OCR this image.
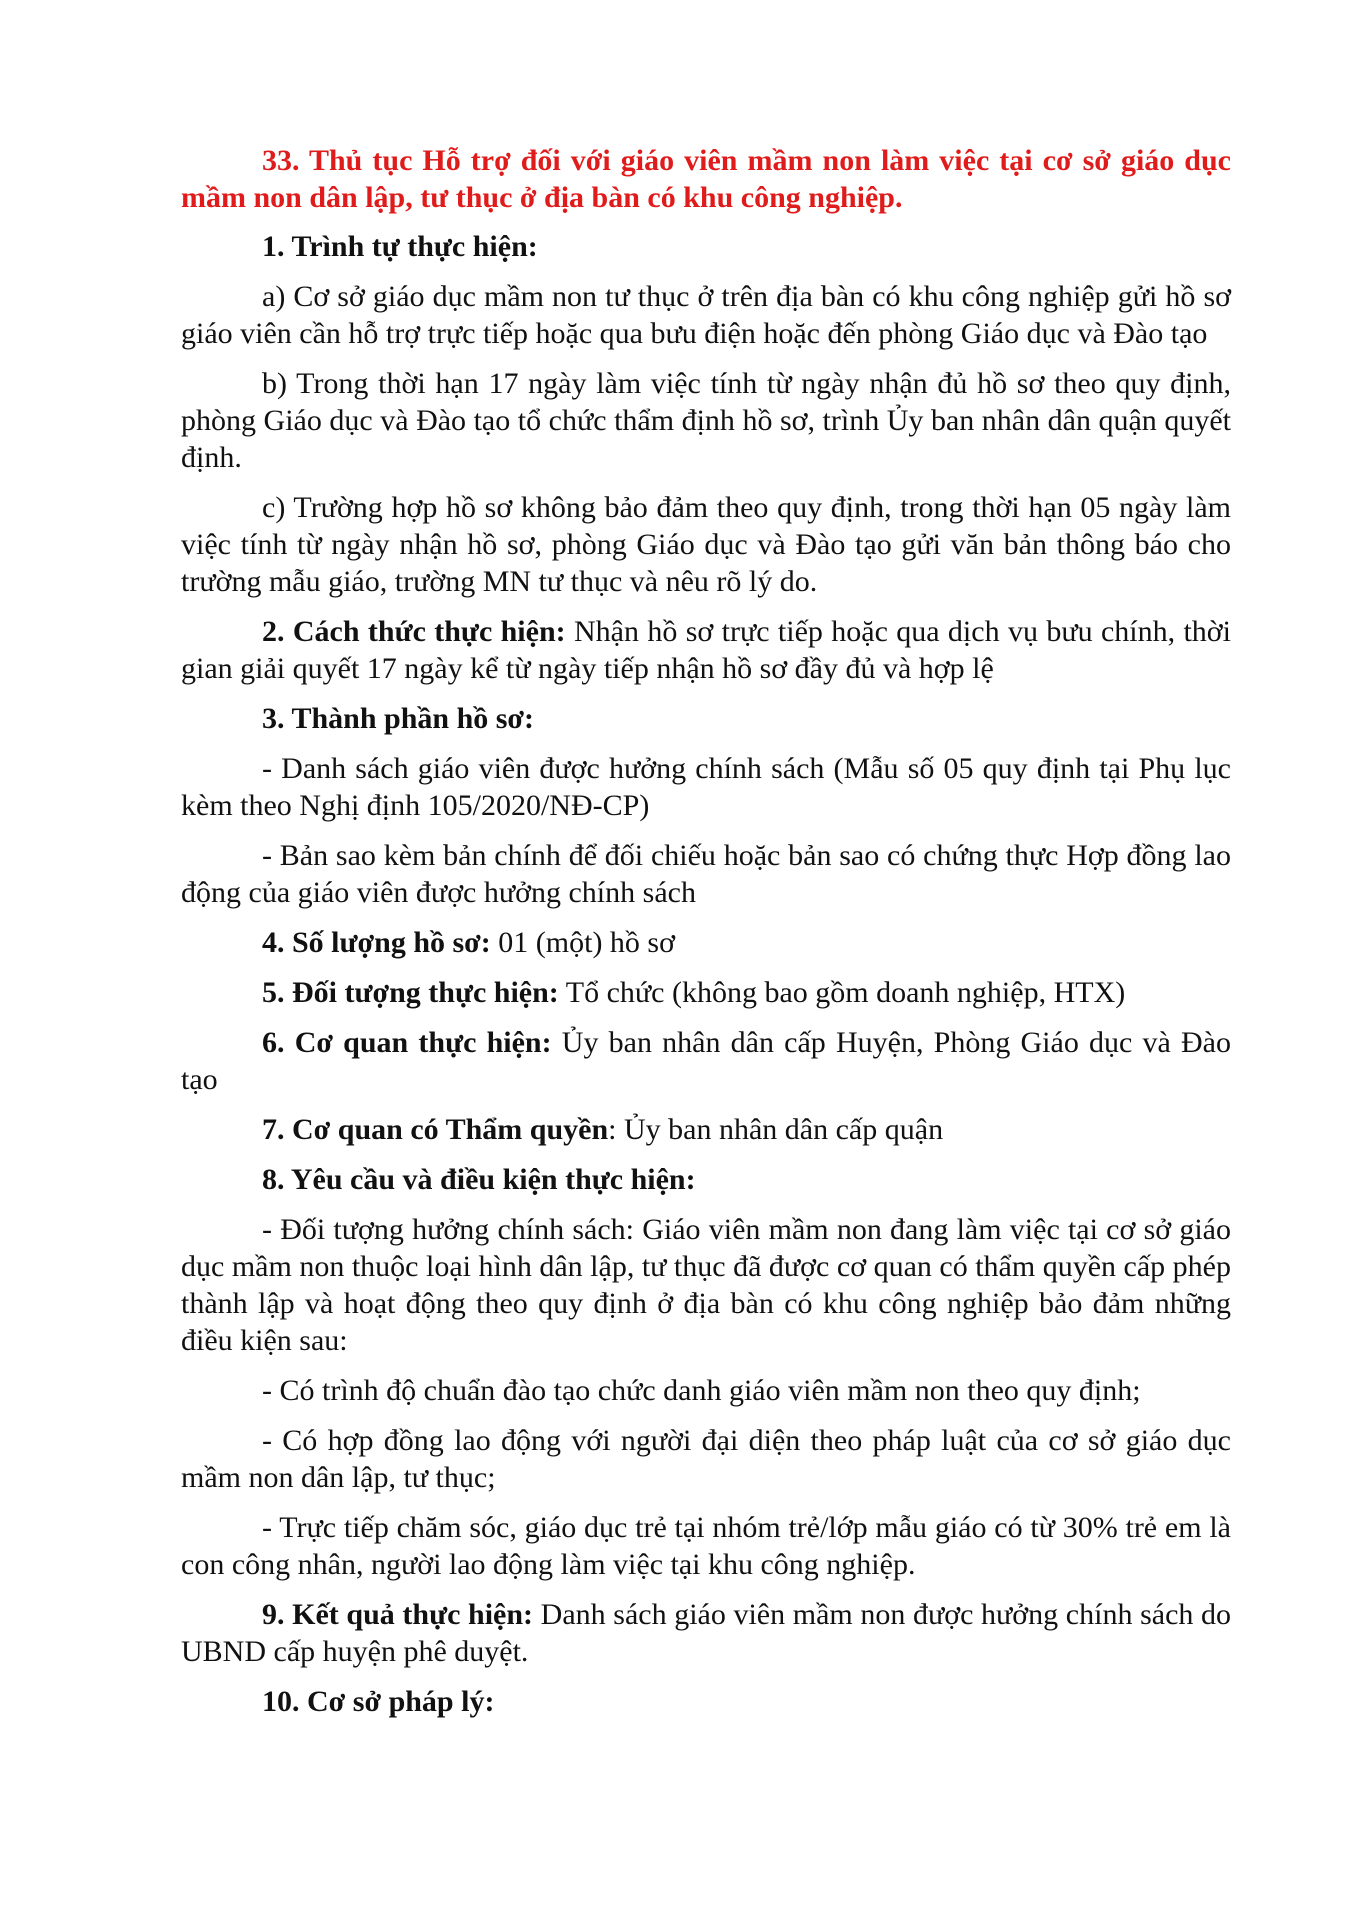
33. Thủ tục Hỗ trợ đối với giáo viên mầm non làm việc tại cơ sở giáo dục mầm non dân lập, tư thục ở địa bàn có khu công nghiệp.

1. Trình tự thực hiện:

a) Cơ sở giáo dục mầm non tư thục ở trên địa bàn có khu công nghiệp gửi hồ sơ giáo viên cần hỗ trợ trực tiếp hoặc qua bưu điện hoặc đến phòng Giáo dục và Đào tạo

b) Trong thời hạn 17 ngày làm việc tính từ ngày nhận đủ hồ sơ theo quy định, phòng Giáo dục và Đào tạo tổ chức thẩm định hồ sơ, trình Ủy ban nhân dân quận quyết định.

c) Trường hợp hồ sơ không bảo đảm theo quy định, trong thời hạn 05 ngày làm việc tính từ ngày nhận hồ sơ, phòng Giáo dục và Đào tạo gửi văn bản thông báo cho trường mẫu giáo, trường MN tư thục và nêu rõ lý do.

2. Cách thức thực hiện: Nhận hồ sơ trực tiếp hoặc qua dịch vụ bưu chính, thời gian giải quyết 17 ngày kể từ ngày tiếp nhận hồ sơ đầy đủ và hợp lệ

3. Thành phần hồ sơ:

- Danh sách giáo viên được hưởng chính sách (Mẫu số 05 quy định tại Phụ lục kèm theo Nghị định 105/2020/NĐ-CP)

- Bản sao kèm bản chính để đối chiếu hoặc bản sao có chứng thực Hợp đồng lao động của giáo viên được hưởng chính sách

4. Số lượng hồ sơ: 01 (một) hồ sơ

5. Đối tượng thực hiện: Tổ chức (không bao gồm doanh nghiệp, HTX)

6. Cơ quan thực hiện: Ủy ban nhân dân cấp Huyện, Phòng Giáo dục và Đào tạo

7. Cơ quan có Thẩm quyền: Ủy ban nhân dân cấp quận

8. Yêu cầu và điều kiện thực hiện:

- Đối tượng hưởng chính sách: Giáo viên mầm non đang làm việc tại cơ sở giáo dục mầm non thuộc loại hình dân lập, tư thục đã được cơ quan có thẩm quyền cấp phép thành lập và hoạt động theo quy định ở địa bàn có khu công nghiệp bảo đảm những điều kiện sau:

- Có trình độ chuẩn đào tạo chức danh giáo viên mầm non theo quy định;

- Có hợp đồng lao động với người đại diện theo pháp luật của cơ sở giáo dục mầm non dân lập, tư thục;

- Trực tiếp chăm sóc, giáo dục trẻ tại nhóm trẻ/lớp mẫu giáo có từ 30% trẻ em là con công nhân, người lao động làm việc tại khu công nghiệp.

9. Kết quả thực hiện: Danh sách giáo viên mầm non được hưởng chính sách do UBND cấp huyện phê duyệt.

10. Cơ sở pháp lý:
